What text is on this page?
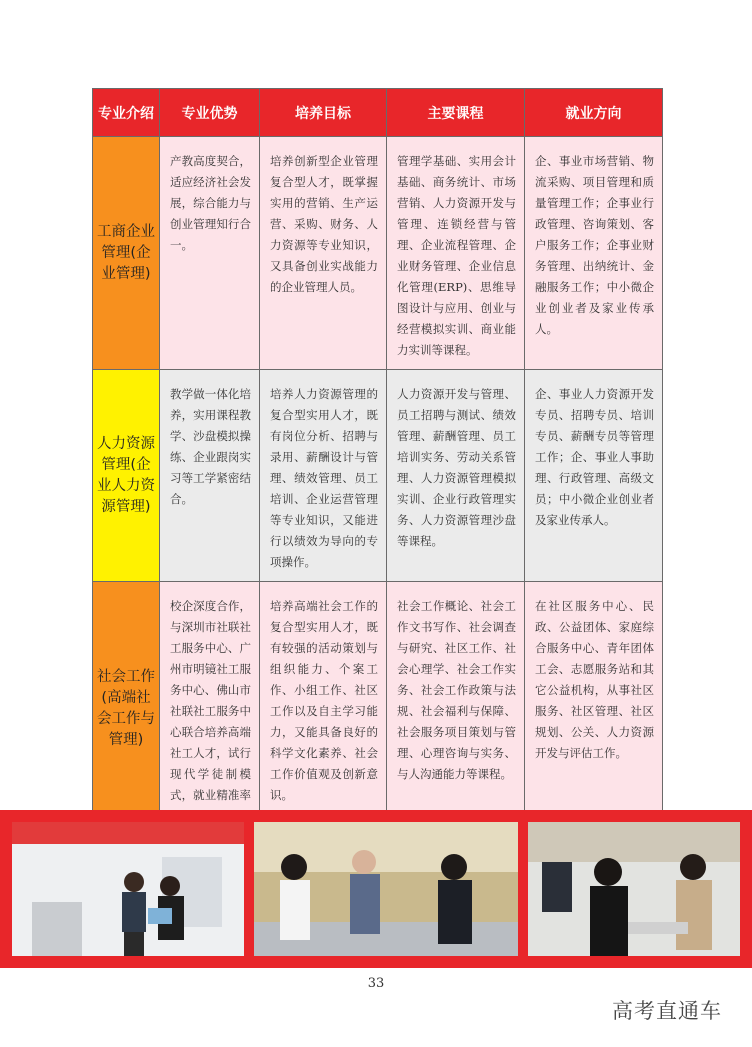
专业介绍	专业优势	培养目标	主要课程	就业方向
工商企业管理(企业管理)	产教高度契合，适应经济社会发展，综合能力与创业管理知行合一。	培养创新型企业管理复合型人才，既掌握实用的营销、生产运营、采购、财务、人力资源等专业知识，又具备创业实战能力的企业管理人员。	管理学基础、实用会计基础、商务统计、市场营销、人力资源开发与管理、连锁经营与管理、企业流程管理、企业财务管理、企业信息化管理(ERP)、思维导图设计与应用、创业与经营模拟实训、商业能力实训等课程。	企、事业市场营销、物流采购、项目管理和质量管理工作；企事业行政管理、咨询策划、客户服务工作；企事业财务管理、出纳统计、金融服务工作；中小微企业创业者及家业传承人。

人力资源管理(企业人力资源管理)	教学做一体化培养，实用课程教学、沙盘模拟操练、企业跟岗实习等工学紧密结合。	培养人力资源管理的复合型实用人才，既有岗位分析、招聘与录用、薪酬设计与管理、绩效管理、员工培训、企业运营管理等专业知识，又能进行以绩效为导向的专项操作。	人力资源开发与管理、员工招聘与测试、绩效管理、薪酬管理、员工培训实务、劳动关系管理、人力资源管理模拟实训、企业行政管理实务、人力资源管理沙盘等课程。	企、事业人力资源开发专员、招聘专员、培训专员、薪酬专员等管理工作；企、事业人事助理、行政管理、高级文员；中小微企业创业者及家业传承人。

社会工作(高端社会工作与管理)	校企深度合作，与深圳市社联社工服务中心、广州市明镜社工服务中心、佛山市社联社工服务中心联合培养高端社工人才，试行现代学徒制模式，就业精准率	培养高端社会工作的复合型实用人才，既有较强的活动策划与组织能力、个案工作、小组工作、社区工作以及自主学习能力，又能具备良好的科学文化素养、社会工作价值观及创新意识。	社会工作概论、社会工作文书写作、社会调查与研究、社区工作、社会心理学、社会工作实务、社会工作政策与法规、社会福利与保障、社会服务项目策划与管理、心理咨询与实务、与人沟通能力等课程。	在社区服务中心、民政、公益团体、家庭综合服务中心、青年团体工会、志愿服务站和其它公益机构，从事社区服务、社区管理、社区规划、公关、人力资源开发与评估工作。
33
高考直通车
